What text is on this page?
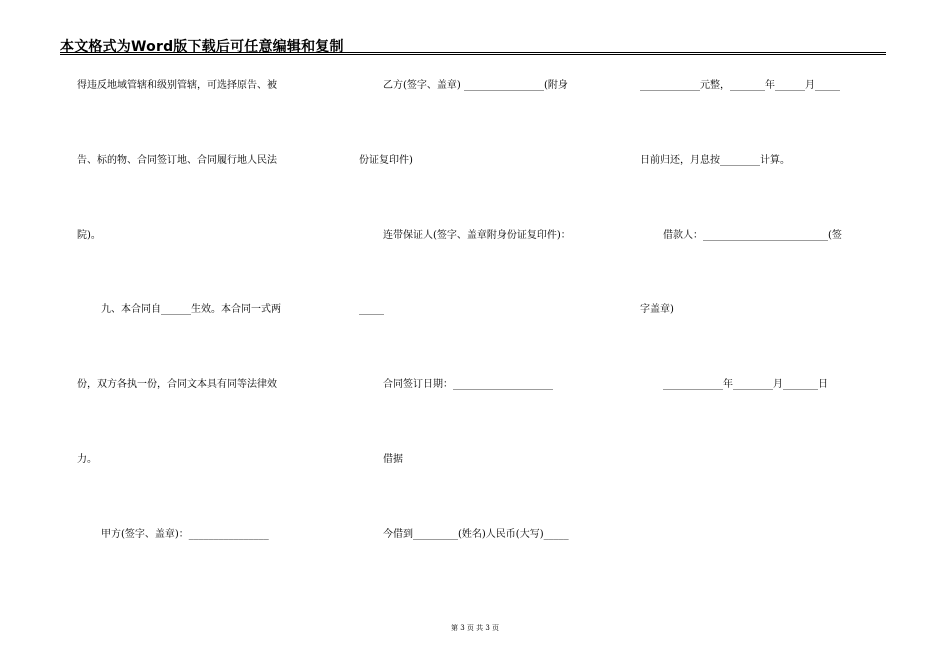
本文格式为Word版下载后可任意编辑和复制
得违反地域管辖和级别管辖，可选择原告、被
告、标的物、合同签订地、合同履行地人民法
院)。
九、本合同自______生效。本合同一式两
份，双方各执一份，合同文本具有同等法律效
力。
甲方(签字、盖章)：________________
乙方(签字、盖章) ________________(附身
份证复印件)
连带保证人(签字、盖章附身份证复印件)：
_____
合同签订日期：____________________
借据
今借到_________(姓名)人民币(大写)_____
____________元整，_______年______月_____
日前归还，月息按________计算。
借款人：_________________________(签
字盖章)
____________年________月_______日
第 3 页 共 3 页
